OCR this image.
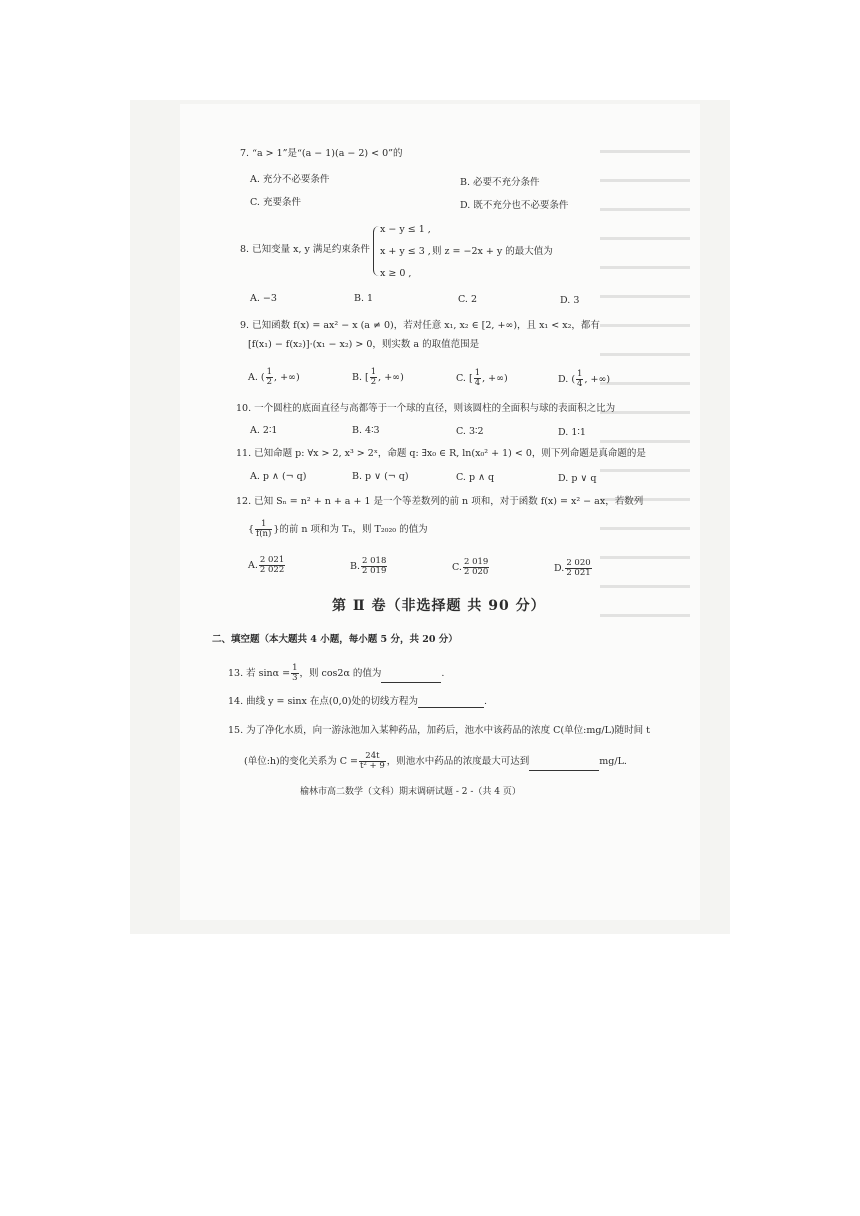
7. “a > 1”是“(a − 1)(a − 2) < 0”的
A. 充分不必要条件	B. 必要不充分条件
C. 充要条件	D. 既不充分也不必要条件
8. 已知变量 x, y 满足约束条件
x − y ≤ 1 ,
x + y ≤ 3 ,
x ≥ 0 ,
则 z = −2x + y 的最大值为
A. −3	B. 1	C. 2	D. 3
9. 已知函数 f(x) = ax² − x (a ≠ 0)，若对任意 x₁, x₂ ∈ [2, +∞)，且 x₁ < x₂，都有
[f(x₁) − f(x₂)]·(x₁ − x₂) > 0，则实数 a 的取值范围是
A. ( $\frac{1}{2}$ , +∞)	B. [ $\frac{1}{2}$ , +∞)	C. [ $\frac{1}{4}$ , +∞)	D. ( $\frac{1}{4}$ , +∞)
10. 一个圆柱的底面直径与高都等于一个球的直径，则该圆柱的全面积与球的表面积之比为
A. 2∶1	B. 4∶3	C. 3∶2	D. 1∶1
11. 已知命题 p: ∀x > 2, x³ > 2ˣ，命题 q: ∃x₀ ∈ R, ln(x₀² + 1) < 0，则下列命题是真命题的是
A. p ∧ (¬ q)	B. p ∨ (¬ q)	C. p ∧ q	D. p ∨ q
12. 已知 Sₙ = n² + n + a + 1 是一个等差数列的前 n 项和，对于函数 f(x) = x² − ax，若数列
{ $\frac{1}{f(n)}$ }的前 n 项和为 Tₙ，则 T₂₀₂₀ 的值为
A. $\frac{2 021}{2 022}$	B. $\frac{2 018}{2 019}$	C. $\frac{2 019}{2 020}$	D. $\frac{2 020}{2 021}$
第 Ⅱ 卷（非选择题 共 90 分）
二、填空题（本大题共 4 小题，每小题 5 分，共 20 分）
13. 若 $\sin\alpha = \frac{1}{3}$ ，则 cos2α 的值为	.
14. 曲线 y = sinx 在点(0,0)处的切线方程为	.
15. 为了净化水质，向一游泳池加入某种药品，加药后，池水中该药品的浓度 C(单位:mg/L)随时间 t
(单位:h)的变化关系为 $C = \frac{24t}{\text{t² + 9}}$ ，则池水中药品的浓度最大可达到	mg/L.
榆林市高二数学（文科）期末调研试题 - 2 -（共 4 页）
